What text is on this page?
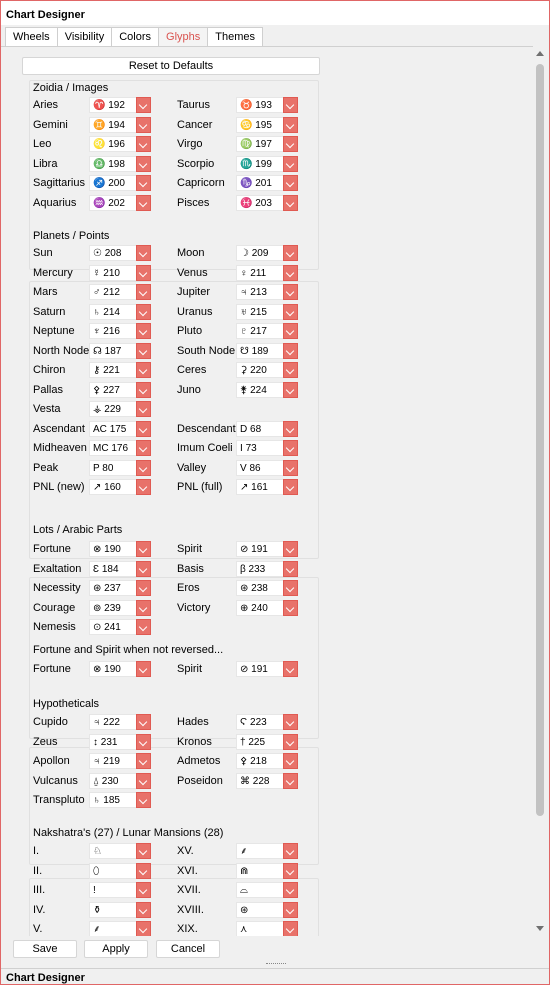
Chart Designer
Wheels	Visibility	Colors	Glyphs	Themes
Reset to Defaults
Zoidia / Images
Aries	♈ 192	Taurus	♉ 193
Gemini	♊ 194	Cancer	♋ 195
Leo	♌ 196	Virgo	♍ 197
Libra	♎ 198	Scorpio	♏ 199
Sagittarius ♐ 200	Capricorn ♑ 201
Aquarius ♒ 202	Pisces	♓ 203
Planets / Points
Sun	☉ 208	Moon	☽ 209
Mercury ☿ 210	Venus	♀ 211
Mars	♂ 212	Jupiter	♃ 213
Saturn	♄ 214	Uranus	♅ 215
Neptune ♆ 216	Pluto	♇ 217
North Node ☊ 187	South Node ☋ 189
Chiron	⚷ 221	Ceres	⚳ 220
Pallas	⚴ 227	Juno	⚵ 224
Vesta	⚶ 229
Ascendant AC 175	Descendant D 68
Midheaven MC 176	Imum Coeli I 73
Peak	P 80	Valley	V 86
PNL (new) ↗ 160	PNL (full) ↗ 161
Lots / Arabic Parts
Fortune ⊗ 190	Spirit	⊘ 191
Exaltation Ɛ 184	Basis	β 233
Necessity ⊛ 237	Eros	⊛ 238
Courage ⊚ 239	Victory	⊕ 240
Nemesis ⊙ 241
Fortune and Spirit when not reversed...
Fortune ⊗ 190	Spirit	⊘ 191
Hypotheticals
Cupido	♃ 222	Hades	Ϛ 223
Zeus	↕ 231	Kronos	† 225
Apollon ♃ 219	Admetos ⚴ 218
Vulcanus ⍙ 230	Poseidon ⌘ 228
Transpluto ♄ 185
Nakshatra's (27) / Lunar Mansions (28)
I.	♘	XV.	⸙
II.	⬯	XVI.	⋒
III.	!	XVII.	⌓
IV.	⚱	XVIII.	⊛
V.	⸙	XIX.	⋏
Save	Apply	Cancel
Chart Designer
